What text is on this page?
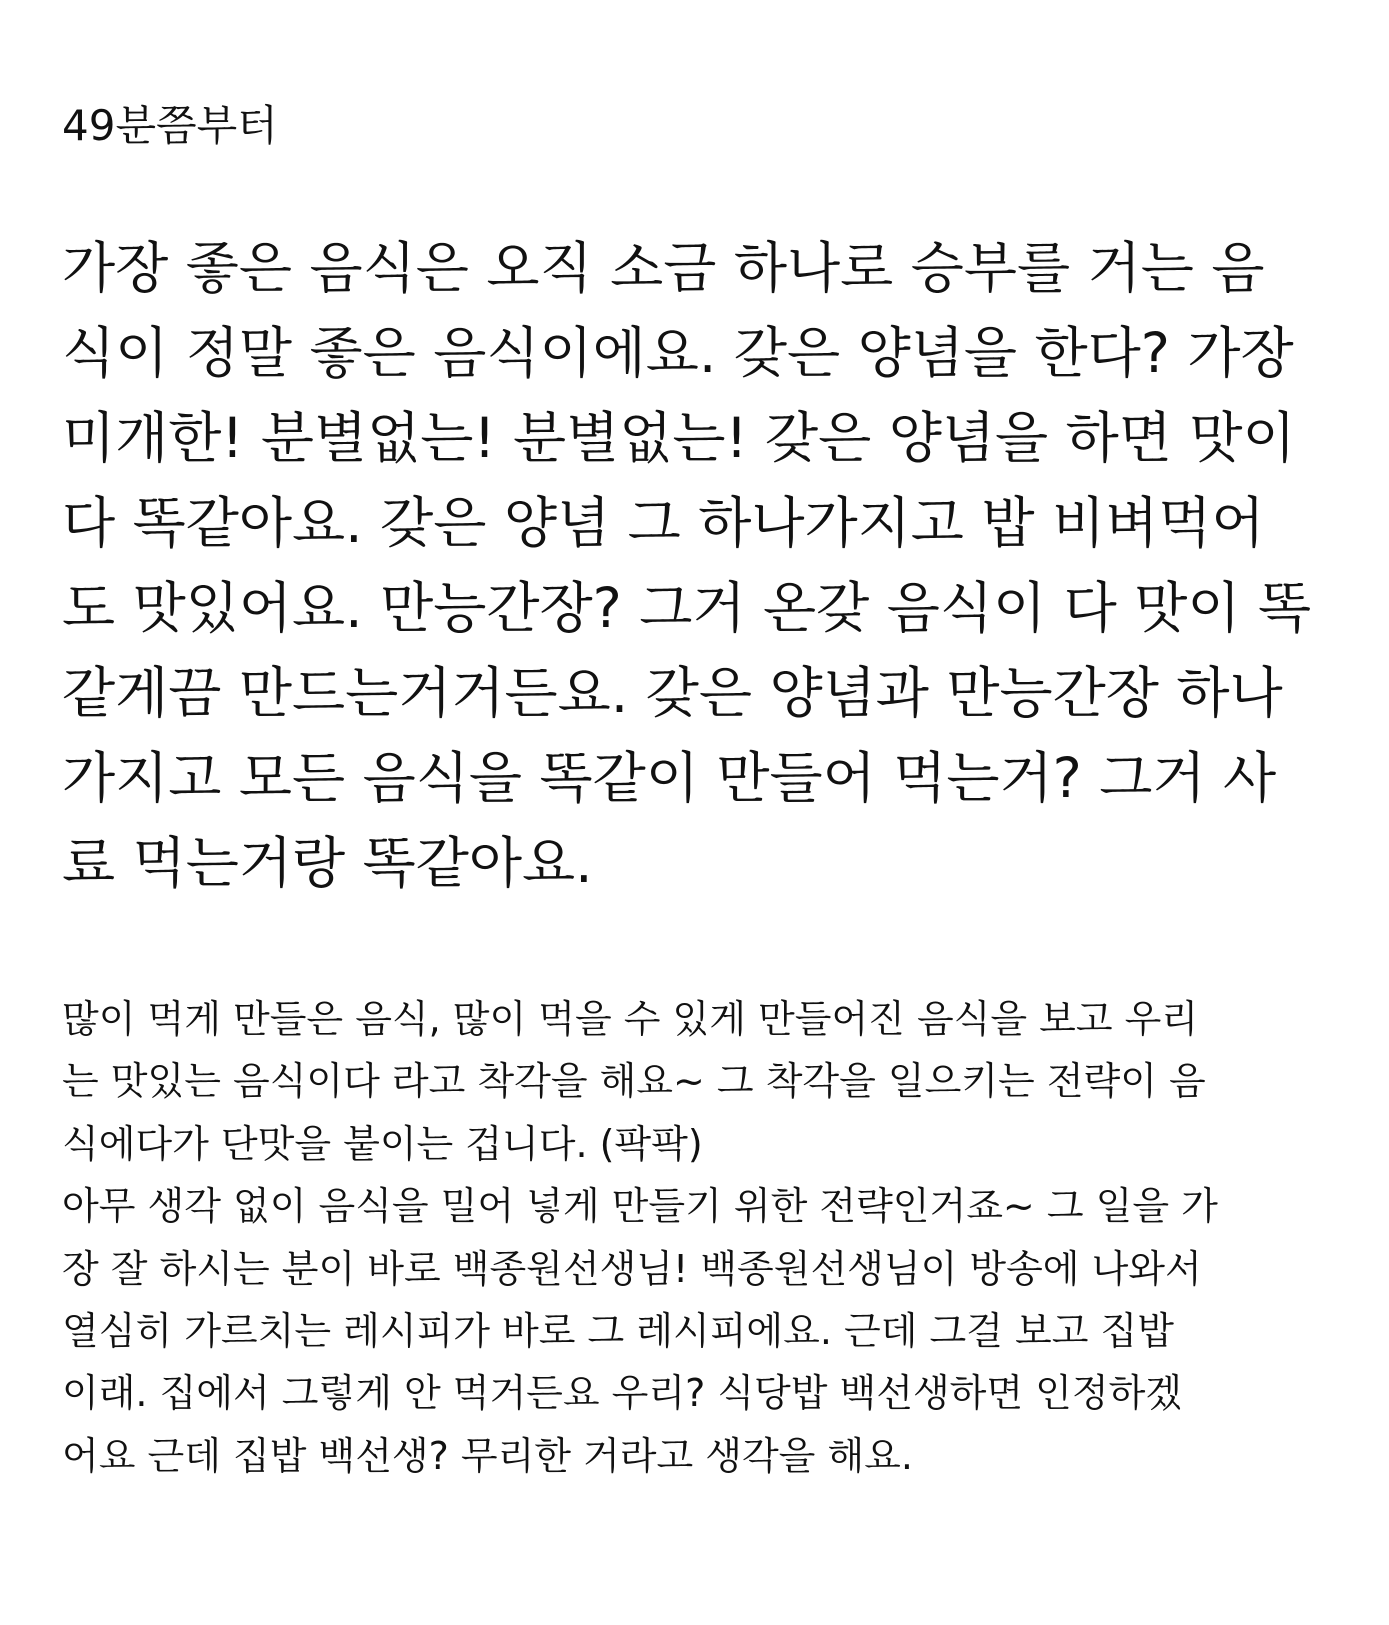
49분쯤부터
가장 좋은 음식은 오직 소금 하나로 승부를 거는 음
식이 정말 좋은 음식이에요. 갖은 양념을 한다? 가장
미개한! 분별없는! 분별없는! 갖은 양념을 하면 맛이
다 똑같아요. 갖은 양념 그 하나가지고 밥 비벼먹어
도 맛있어요. 만능간장? 그거 온갖 음식이 다 맛이 똑
같게끔 만드는거거든요. 갖은 양념과 만능간장 하나
가지고 모든 음식을 똑같이 만들어 먹는거? 그거 사
료 먹는거랑 똑같아요.
많이 먹게 만들은 음식, 많이 먹을 수 있게 만들어진 음식을 보고 우리
는 맛있는 음식이다 라고 착각을 해요~ 그 착각을 일으키는 전략이 음
식에다가 단맛을 붙이는 겁니다. (팍팍)
아무 생각 없이 음식을 밀어 넣게 만들기 위한 전략인거죠~ 그 일을 가
장 잘 하시는 분이 바로 백종원선생님! 백종원선생님이 방송에 나와서
열심히 가르치는 레시피가 바로 그 레시피에요. 근데 그걸 보고 집밥
이래. 집에서 그렇게 안 먹거든요 우리? 식당밥 백선생하면 인정하겠
어요 근데 집밥 백선생? 무리한 거라고 생각을 해요.
